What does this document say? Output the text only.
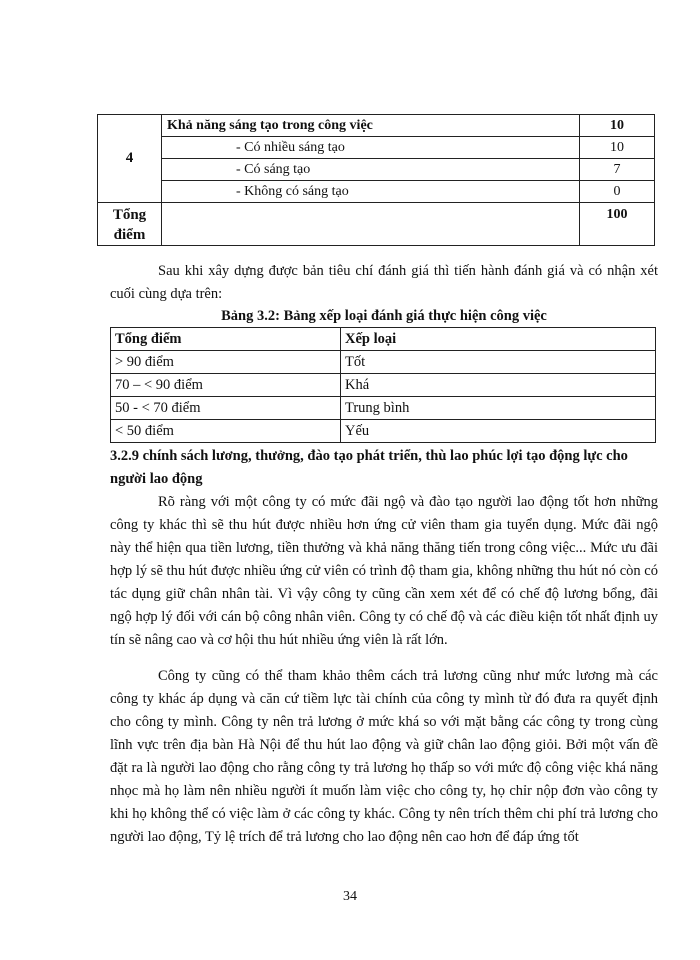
4	Khả năng sáng tạo trong công việc	10
	- Có nhiều sáng tạo	10
	- Có sáng tạo	7
	- Không có sáng tạo	0
Tổng điểm		100
Sau khi xây dựng được bản tiêu chí đánh giá thì tiến hành đánh giá và có nhận xét cuối cùng dựa trên:
Bảng 3.2: Bảng xếp loại đánh giá thực hiện công việc
Tổng điểm	Xếp loại
> 90 điểm	Tốt
70 – < 90 điểm	Khá
50 - < 70 điểm	Trung bình
< 50 điểm	Yếu
3.2.9 chính sách lương, thưởng, đào tạo phát triển, thù lao phúc lợi tạo động lực cho người lao động
Rõ ràng với một công ty có mức đãi ngộ và đào tạo người lao động tốt hơn những công ty khác thì sẽ thu hút được nhiều hơn ứng cử viên tham gia tuyển dụng. Mức đãi ngộ này thể hiện qua tiền lương, tiền thưởng và khả năng thăng tiến trong công việc... Mức ưu đãi hợp lý sẽ thu hút được nhiều ứng cử viên có trình độ tham gia, không những thu hút nó còn có tác dụng giữ chân nhân tài. Vì vậy công ty cũng cần xem xét để có chế độ lương bổng, đãi ngộ hợp lý đối với cán bộ công nhân viên. Công ty có chế độ và các điều kiện tốt nhất định uy tín sẽ nâng cao và cơ hội thu hút nhiều ứng viên là rất lớn.
Công ty cũng có thể tham khảo thêm cách trả lương cũng như mức lương mà các công ty khác áp dụng và căn cứ tiềm lực tài chính của công ty mình từ đó đưa ra quyết định cho công ty mình. Công ty nên trả lương ở mức khá so với mặt bằng các công ty trong cùng lĩnh vực trên địa bàn Hà Nội để thu hút lao động và giữ chân lao động giỏi. Bởi một vấn đề đặt ra là người lao động cho rằng công ty trả lương họ thấp so với mức độ công việc khá năng nhọc mà họ làm nên nhiều người ít muốn làm việc cho công ty, họ chỉr nộp đơn vào công ty khi họ không thể có việc làm ở các công ty khác. Công ty nên trích thêm chi phí trả lương cho người lao động, Tỷ lệ trích để trả lương cho lao động nên cao hơn để đáp ứng tốt
34
